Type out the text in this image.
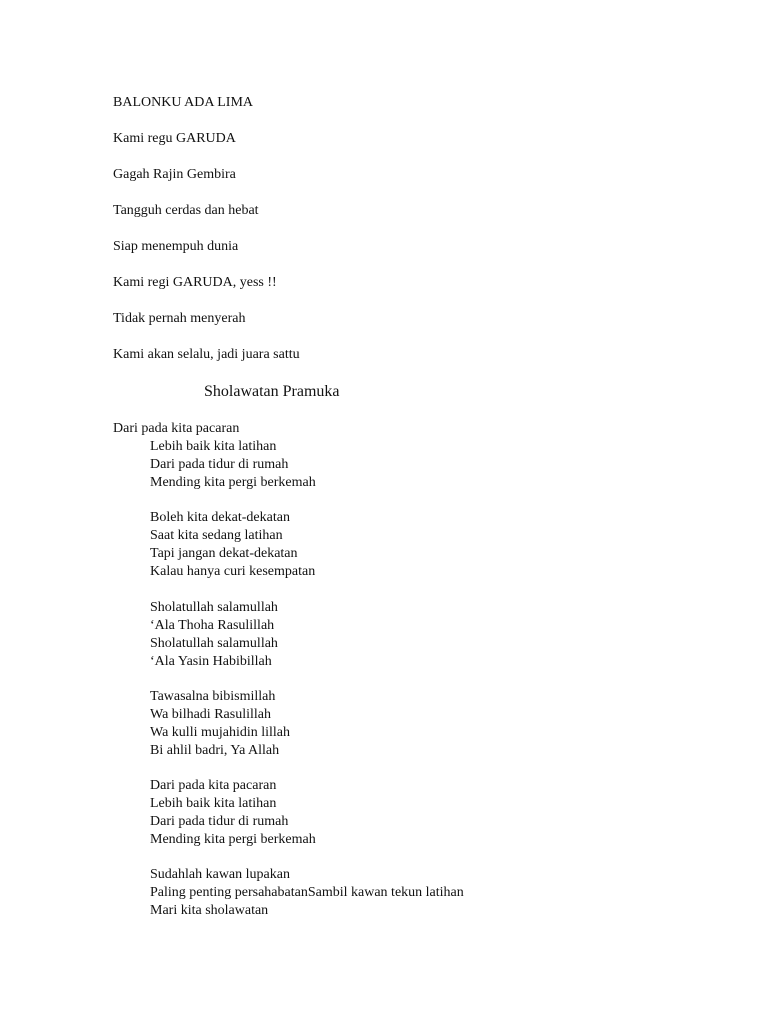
BALONKU ADA LIMA
Kami regu GARUDA
Gagah Rajin Gembira
Tangguh cerdas dan hebat
Siap menempuh dunia
Kami regi GARUDA, yess !!
Tidak pernah menyerah
Kami akan selalu, jadi juara sattu
Sholawatan Pramuka
Dari pada kita pacaran
Lebih baik kita latihan
Dari pada tidur di rumah
Mending kita pergi berkemah
Boleh kita dekat-dekatan
Saat kita sedang latihan
Tapi jangan dekat-dekatan
Kalau hanya curi kesempatan
Sholatullah salamullah
‘Ala Thoha Rasulillah
Sholatullah salamullah
‘Ala Yasin Habibillah
Tawasalna bibismillah
Wa bilhadi Rasulillah
Wa kulli mujahidin lillah
Bi ahlil badri, Ya Allah
Dari pada kita pacaran
Lebih baik kita latihan
Dari pada tidur di rumah
Mending kita pergi berkemah
Sudahlah kawan lupakan
Paling penting persahabatanSambil kawan tekun latihan
Mari kita sholawatan
